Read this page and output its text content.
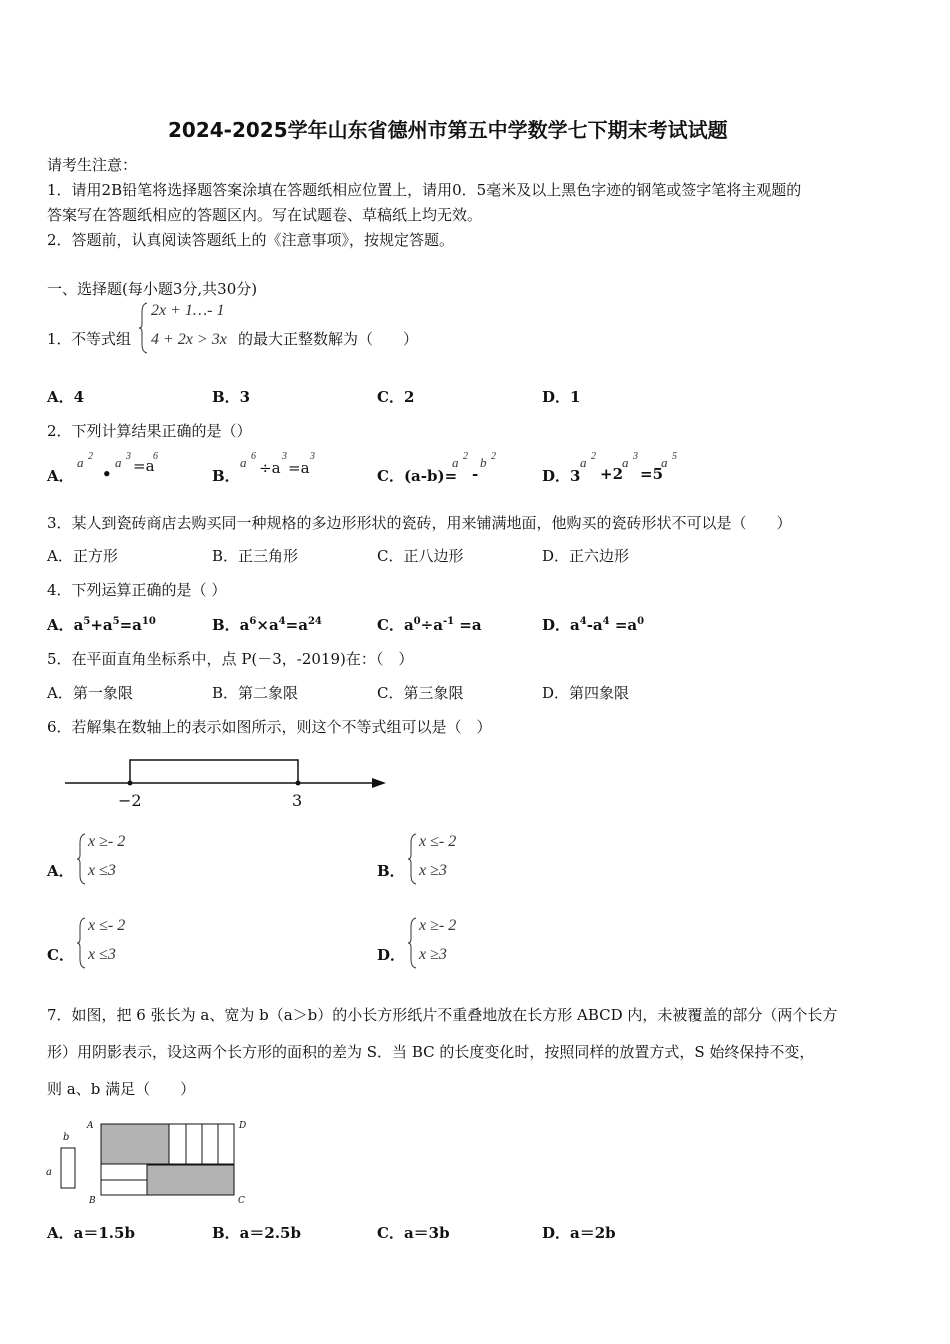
2024-2025学年山东省德州市第五中学数学七下期末考试试题
请考生注意：
1．请用2B铅笔将选择题答案涂填在答题纸相应位置上，请用0．5毫米及以上黑色字迹的钢笔或签字笔将主观题的
答案写在答题纸相应的答题区内。写在试题卷、草稿纸上均无效。
2．答题前，认真阅读答题纸上的《注意事项》，按规定答题。
一、选择题(每小题3分,共30分)
1． 不等式组
2x + 1…- 1
4 + 2x > 3x 的最大正整数解为（　　）
A．4	B．3	C．2	D．1
2．下列计算结果正确的是（）
A．
a 2
•
a 3
=a
6
B．
a 6
÷a
3
=a
3
C．(a-b)=
a 2
-
b 2
D．3
a 2
+2
a 3
=5
a 5
3．某人到瓷砖商店去购买同一种规格的多边形形状的瓷砖，用来铺满地面，他购买的瓷砖形状不可以是（　　）
A．正方形	B．正三角形	C．正八边形	D．正六边形
4．下列运算正确的是（ ）
A．$a^5+a^5=a^{10}$	B．$a^6\times a^4=a^{24}$	C．$a^0\div a^{-1} =a$	D．$a^4-a^4 =a^0$
5．在平面直角坐标系中，点 P(－3，-2019)在：（　）
A．第一象限	B．第二象限	C．第三象限	D．第四象限
6．若解集在数轴上的表示如图所示，则这个不等式组可以是（　）
−2	3
A．
x ≥- 2
x ≤3	B．
x ≤- 2
x ≥3
C．
x ≤- 2
x ≤3	D．
x ≥- 2
x ≥3
7．如图，把 6 张长为 a、宽为 b（a＞b）的小长方形纸片不重叠地放在长方形 ABCD 内，未被覆盖的部分（两个长方
形）用阴影表示，设这两个长方形的面积的差为 S．当 BC 的长度变化时，按照同样的放置方式，S 始终保持不变，
则 a、b 满足（　　）
b
a
A	D
B	C
A．a＝1.5b	B．a＝2.5b	C．a＝3b	D．a＝2b
